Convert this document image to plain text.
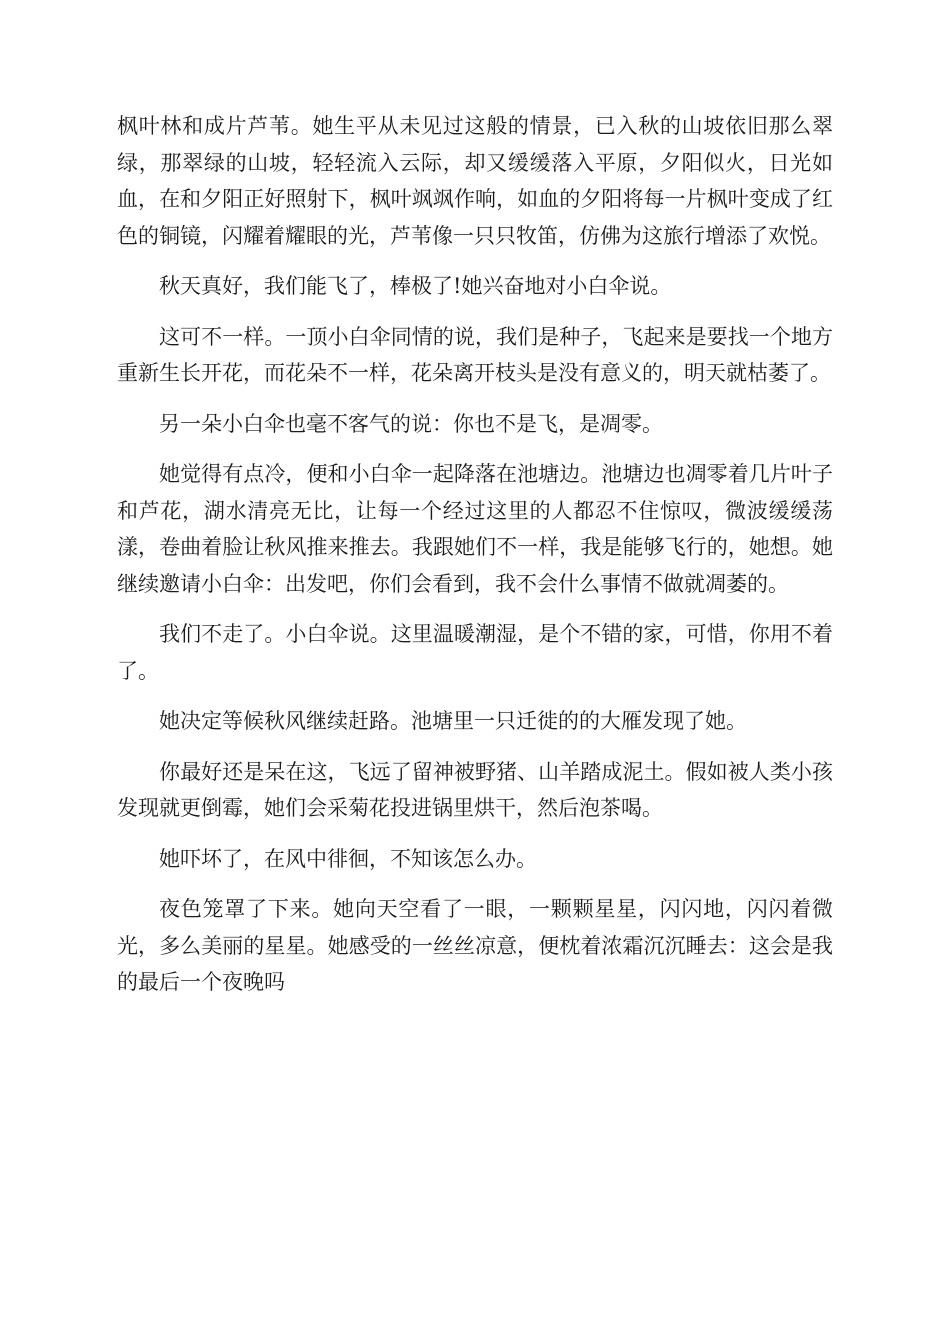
枫叶林和成片芦苇。她生平从未见过这般的情景，已入秋的山坡依旧那么翠绿，那翠绿的山坡，轻轻流入云际，却又缓缓落入平原，夕阳似火，日光如血，在和夕阳正好照射下，枫叶飒飒作响，如血的夕阳将每一片枫叶变成了红色的铜镜，闪耀着耀眼的光，芦苇像一只只牧笛，仿佛为这旅行增添了欢悦。

秋天真好，我们能飞了，棒极了!她兴奋地对小白伞说。

这可不一样。一顶小白伞同情的说，我们是种子，飞起来是要找一个地方重新生长开花，而花朵不一样，花朵离开枝头是没有意义的，明天就枯萎了。

另一朵小白伞也毫不客气的说：你也不是飞，是凋零。

她觉得有点冷，便和小白伞一起降落在池塘边。池塘边也凋零着几片叶子和芦花，湖水清亮无比，让每一个经过这里的人都忍不住惊叹，微波缓缓荡漾，卷曲着脸让秋风推来推去。我跟她们不一样，我是能够飞行的，她想。她继续邀请小白伞：出发吧，你们会看到，我不会什么事情不做就凋萎的。

我们不走了。小白伞说。这里温暖潮湿，是个不错的家，可惜，你用不着了。

她决定等候秋风继续赶路。池塘里一只迁徙的的大雁发现了她。

你最好还是呆在这，飞远了留神被野猪、山羊踏成泥土。假如被人类小孩发现就更倒霉，她们会采菊花投进锅里烘干，然后泡茶喝。

她吓坏了，在风中徘徊，不知该怎么办。

夜色笼罩了下来。她向天空看了一眼，一颗颗星星，闪闪地，闪闪着微光，多么美丽的星星。她感受的一丝丝凉意，便枕着浓霜沉沉睡去：这会是我的最后一个夜晚吗
